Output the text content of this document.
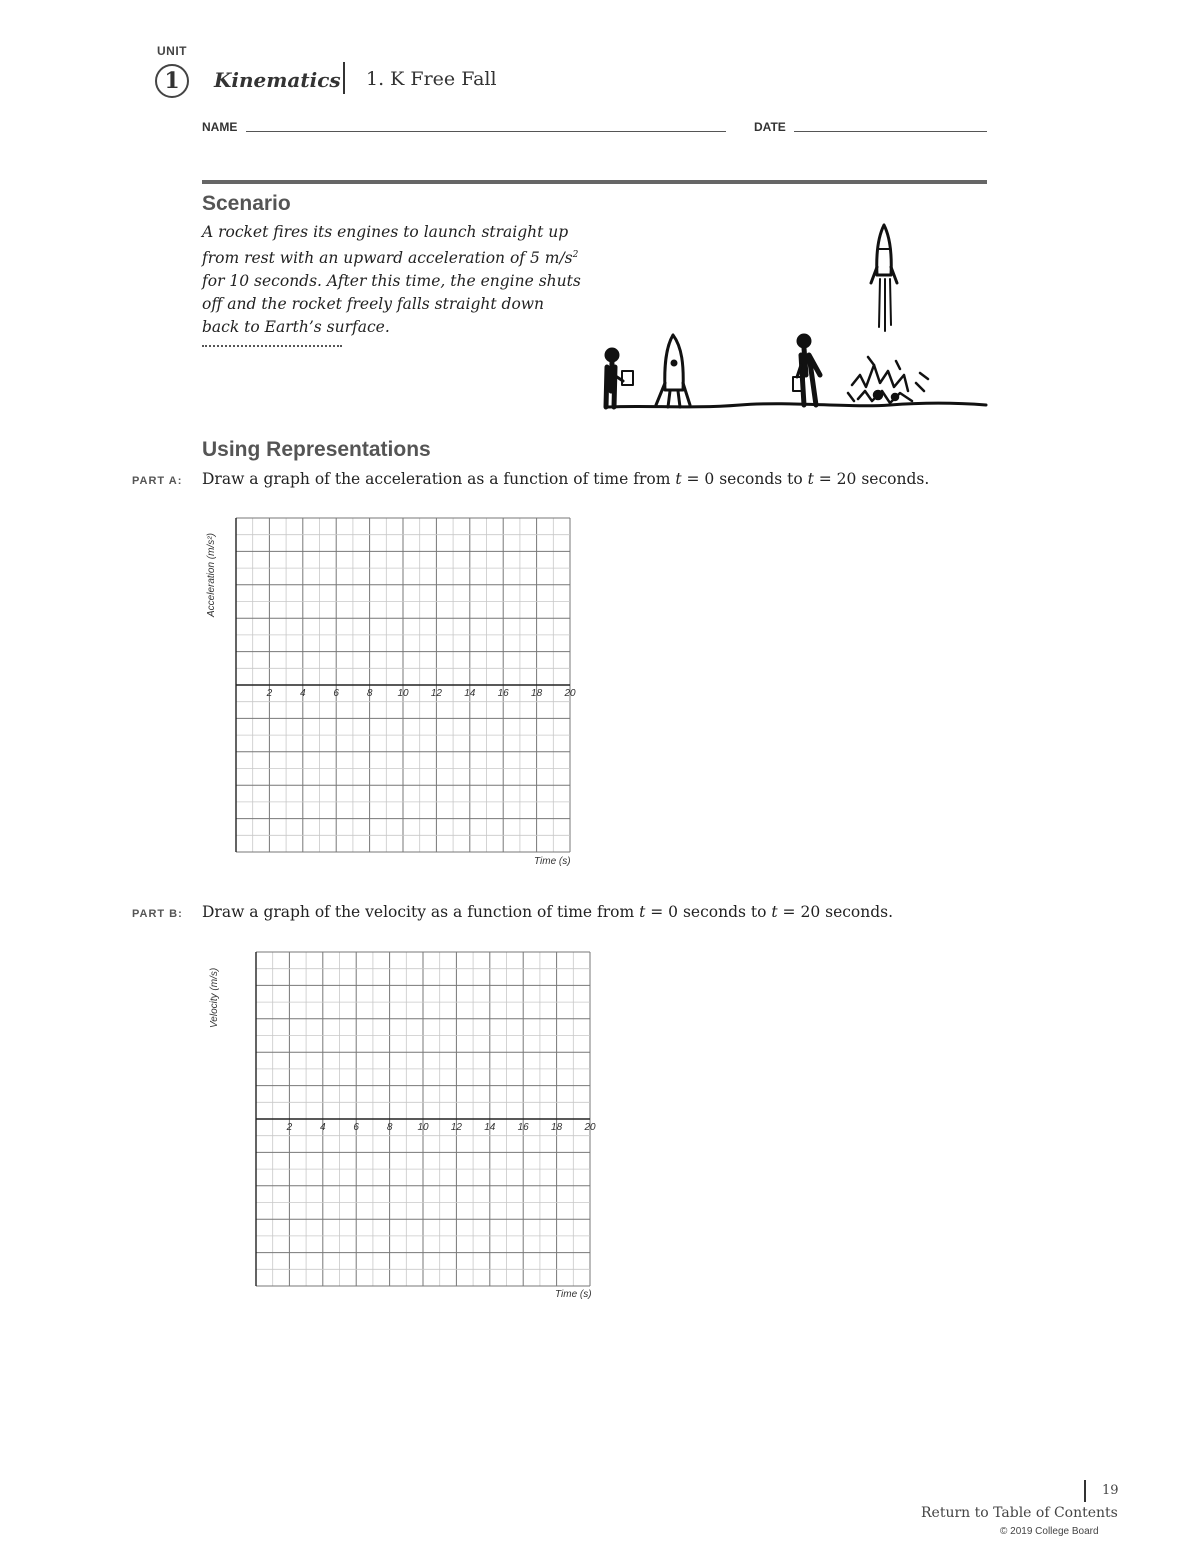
UNIT
1	Kinematics 1. K Free Fall
NAME	DATE
Scenario
A rocket fires its engines to launch straight up from rest with an upward acceleration of 5 $m/s^2$ for 10 seconds. After this time, the engine shuts off and the rocket freely falls straight down back to Earth’s surface.
Using Representations
PART A: Draw a graph of the acceleration as a function of time from t = 0 seconds to t = 20 seconds.
2	4	6	8	10 12 14 16 18 20
Acceleration (m/s²)
Time (s)
PART B: Draw a graph of the velocity as a function of time from t = 0 seconds to t = 20 seconds.
2	4	6	8	10 12 14 16 18 20
Velocity (m/s)
Time (s)
19
Return to Table of Contents
© 2019 College Board
